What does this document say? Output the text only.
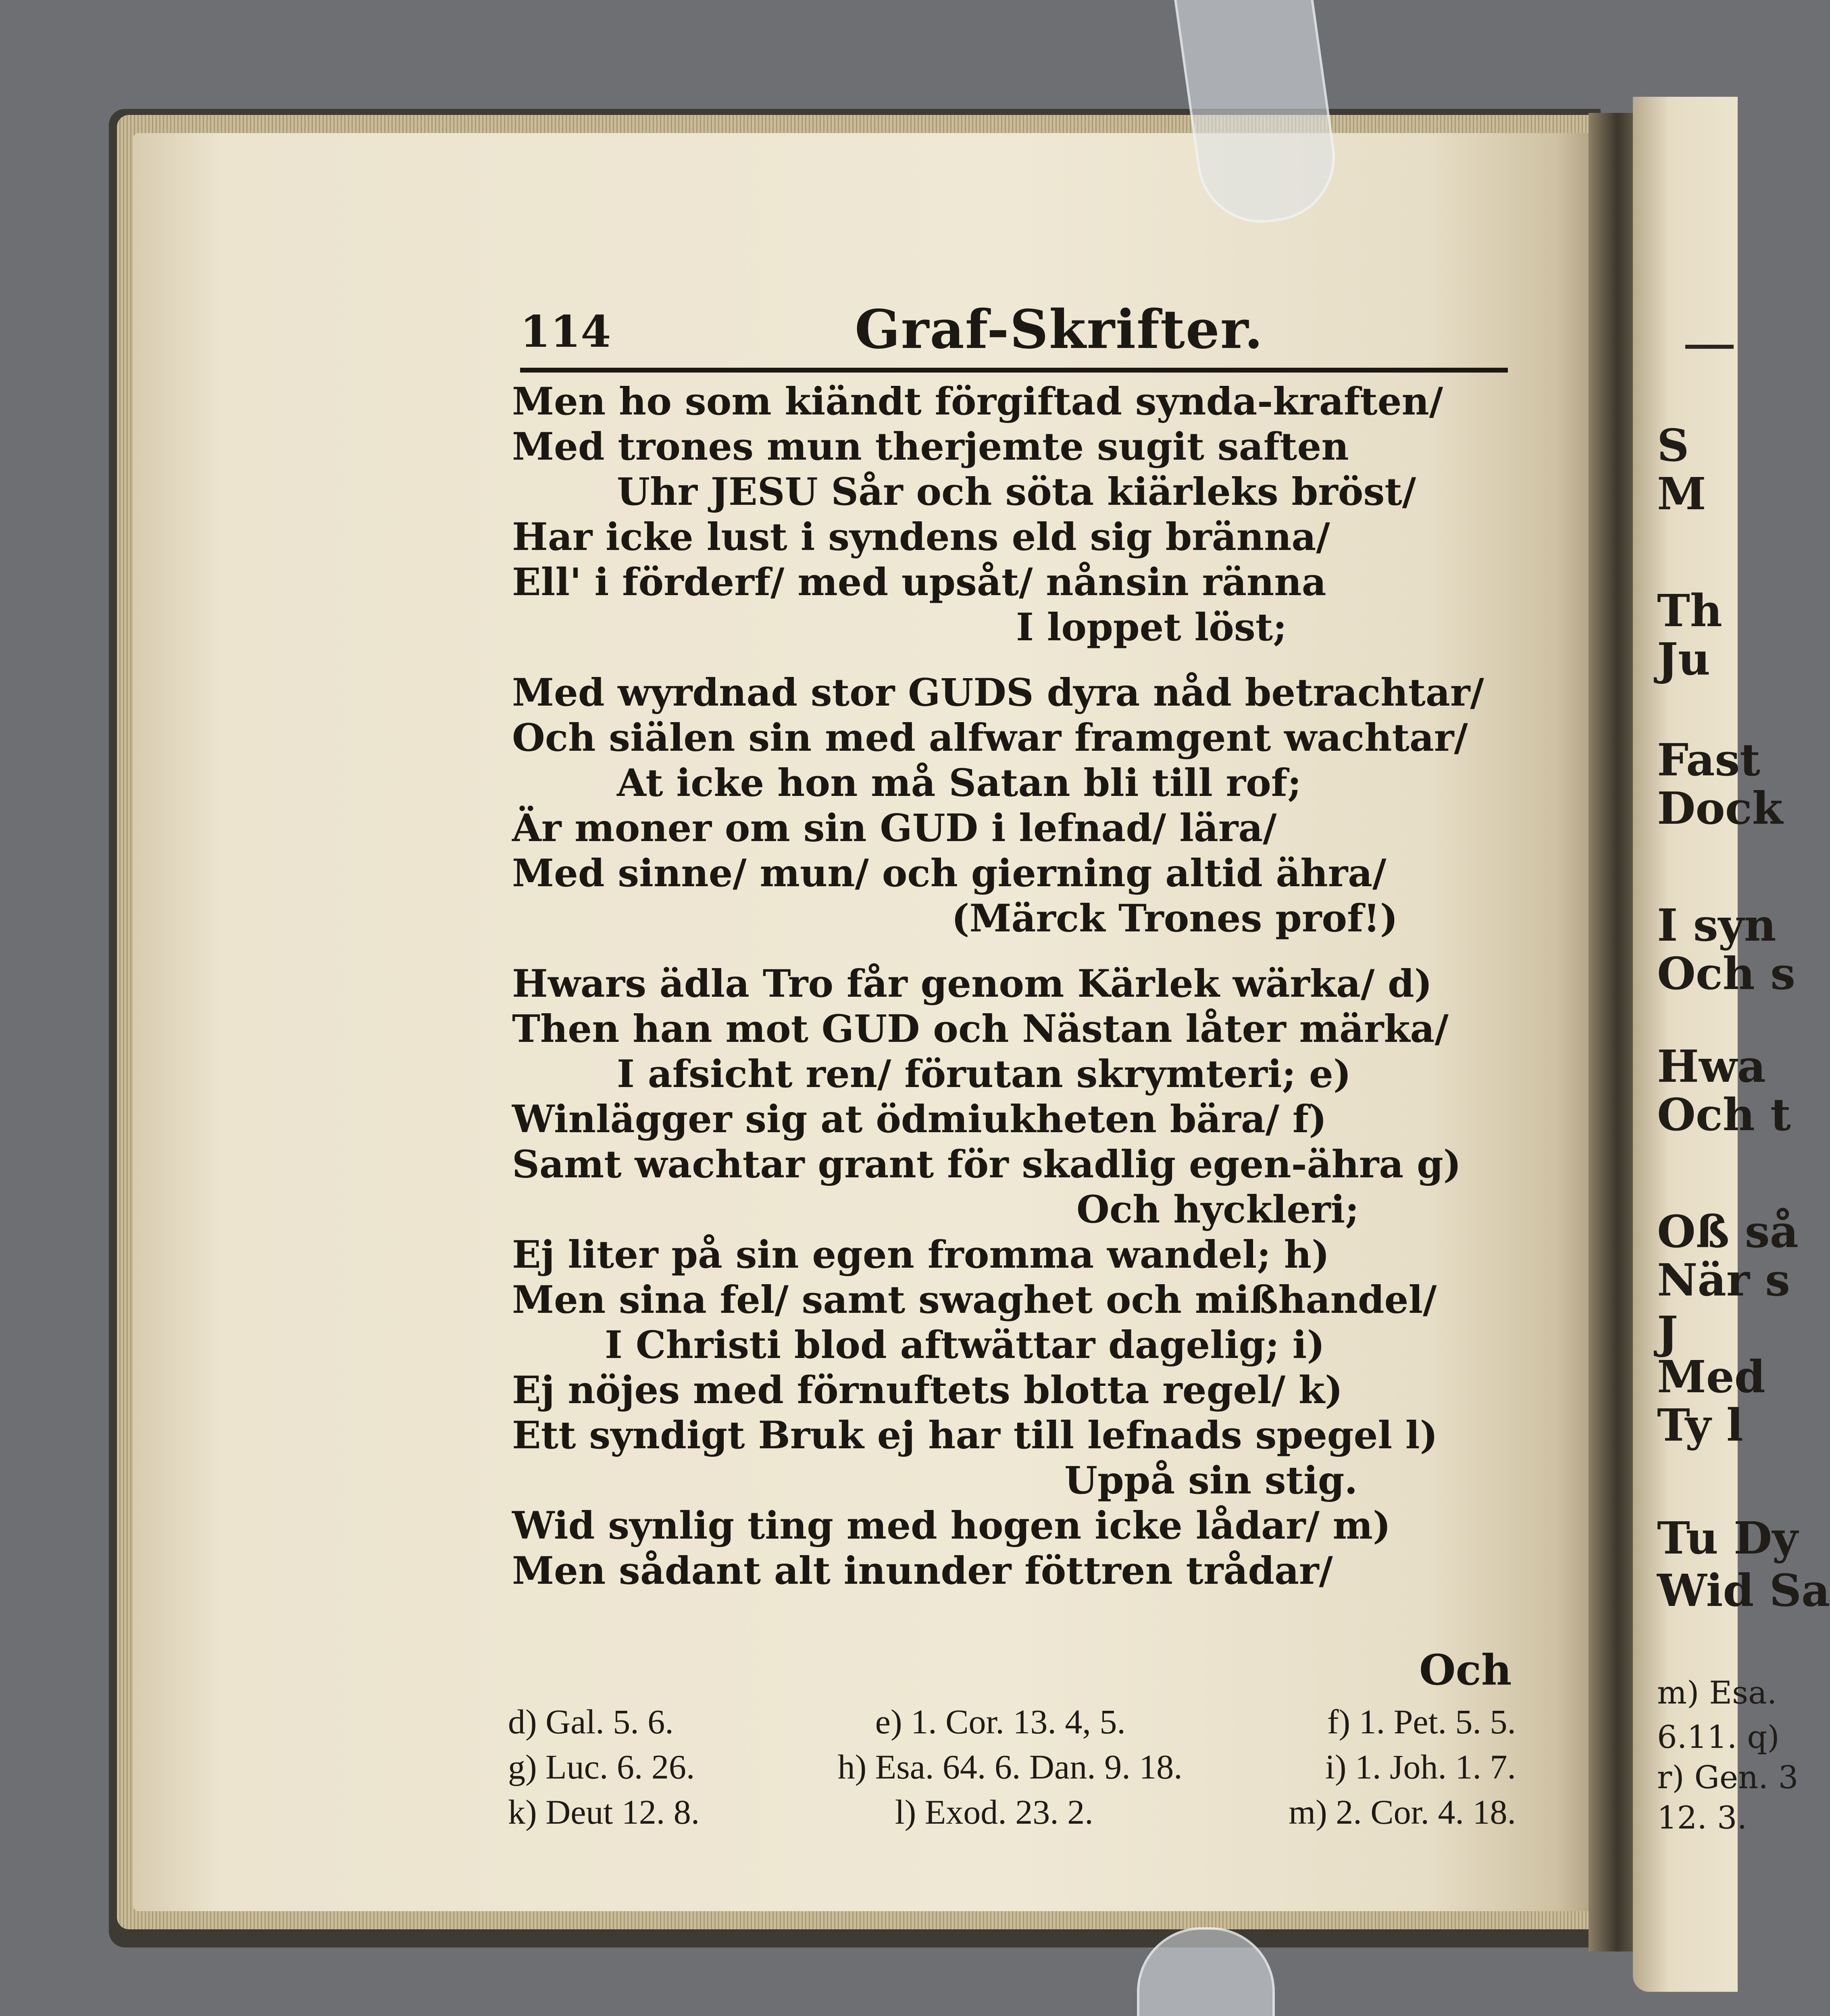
S
M
Th
Ju
Fast
Dock
I syn
Och s
Hwa
Och t
Oß så
När s
J
Med
Ty l
Tu Dy
Wid Sa
m) Esa.
6.11. q)
r) Gen. 3
12. 3.
114	Graf-Skrifter.
Men ho som kiändt förgiftad synda-kraften/
Med trones mun therjemte sugit saften
Uhr JESU Sår och söta kiärleks bröst/
Har icke lust i syndens eld sig bränna/
Ell' i förderf/ med upsåt/ nånsin ränna
I loppet löst;
Med wyrdnad stor GUDS dyra nåd betrachtar/
Och siälen sin med alfwar framgent wachtar/
At icke hon må Satan bli till rof;
Är moner om sin GUD i lefnad/ lära/
Med sinne/ mun/ och gierning altid ähra/
(Märck Trones prof!)
Hwars ädla Tro får genom Kärlek wärka/ d)
Then han mot GUD och Nästan låter märka/
I afsicht ren/ förutan skrymteri; e)
Winlägger sig at ödmiukheten bära/ f)
Samt wachtar grant för skadlig egen-ähra g)
Och hyckleri;
Ej liter på sin egen fromma wandel; h)
Men sina fel/ samt swaghet och mißhandel/
I Christi blod aftwättar dagelig; i)
Ej nöjes med förnuftets blotta regel/ k)
Ett syndigt Bruk ej har till lefnads spegel l)
Uppå sin stig.
Wid synlig ting med hogen icke lådar/ m)
Men sådant alt inunder föttren trådar/
Och
d) Gal. 5. 6.	e) 1. Cor. 13. 4, 5.	f) 1. Pet. 5. 5.
g) Luc. 6. 26.	h) Esa. 64. 6. Dan. 9. 18.	i) 1. Joh. 1. 7.
k) Deut 12. 8.	l) Exod. 23. 2.	m) 2. Cor. 4. 18.
